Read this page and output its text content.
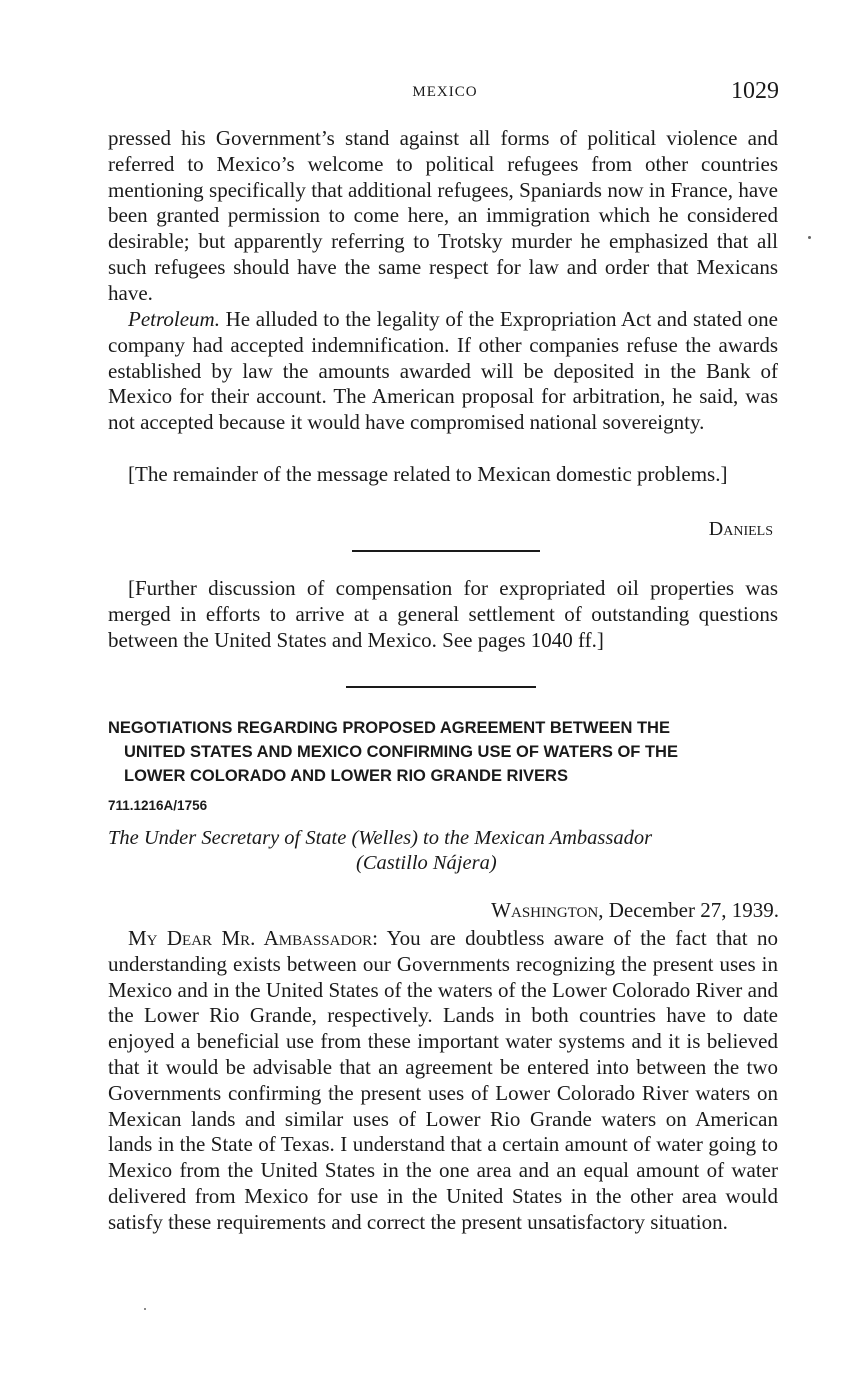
MEXICO	1029

pressed his Government’s stand against all forms of political violence and referred to Mexico’s welcome to political refugees from other countries mentioning specifically that additional refugees, Spaniards now in France, have been granted permission to come here, an immigration which he considered desirable; but apparently referring to Trotsky murder he emphasized that all such refugees should have the same respect for law and order that Mexicans have.

Petroleum. He alluded to the legality of the Expropriation Act and stated one company had accepted indemnification. If other companies refuse the awards established by law the amounts awarded will be deposited in the Bank of Mexico for their account. The American proposal for arbitration, he said, was not accepted because it would have compromised national sovereignty.

[The remainder of the message related to Mexican domestic problems.]

Daniels

[Further discussion of compensation for expropriated oil properties was merged in efforts to arrive at a general settlement of outstanding questions between the United States and Mexico. See pages 1040 ff.]

NEGOTIATIONS REGARDING PROPOSED AGREEMENT BETWEEN THE
UNITED STATES AND MEXICO CONFIRMING USE OF WATERS OF THE
LOWER COLORADO AND LOWER RIO GRANDE RIVERS
711.1216A/1756

The Under Secretary of State (Welles) to the Mexican Ambassador

(Castillo Nájera)

Washington, December 27, 1939.

My Dear Mr. Ambassador: You are doubtless aware of the fact that no understanding exists between our Governments recognizing the present uses in Mexico and in the United States of the waters of the Lower Colorado River and the Lower Rio Grande, respectively. Lands in both countries have to date enjoyed a beneficial use from these important water systems and it is believed that it would be advisable that an agreement be entered into between the two Governments confirming the present uses of Lower Colorado River waters on Mexican lands and similar uses of Lower Rio Grande waters on American lands in the State of Texas. I understand that a certain amount of water going to Mexico from the United States in the one area and an equal amount of water delivered from Mexico for use in the United States in the other area would satisfy these requirements and correct the present unsatisfactory situation.
